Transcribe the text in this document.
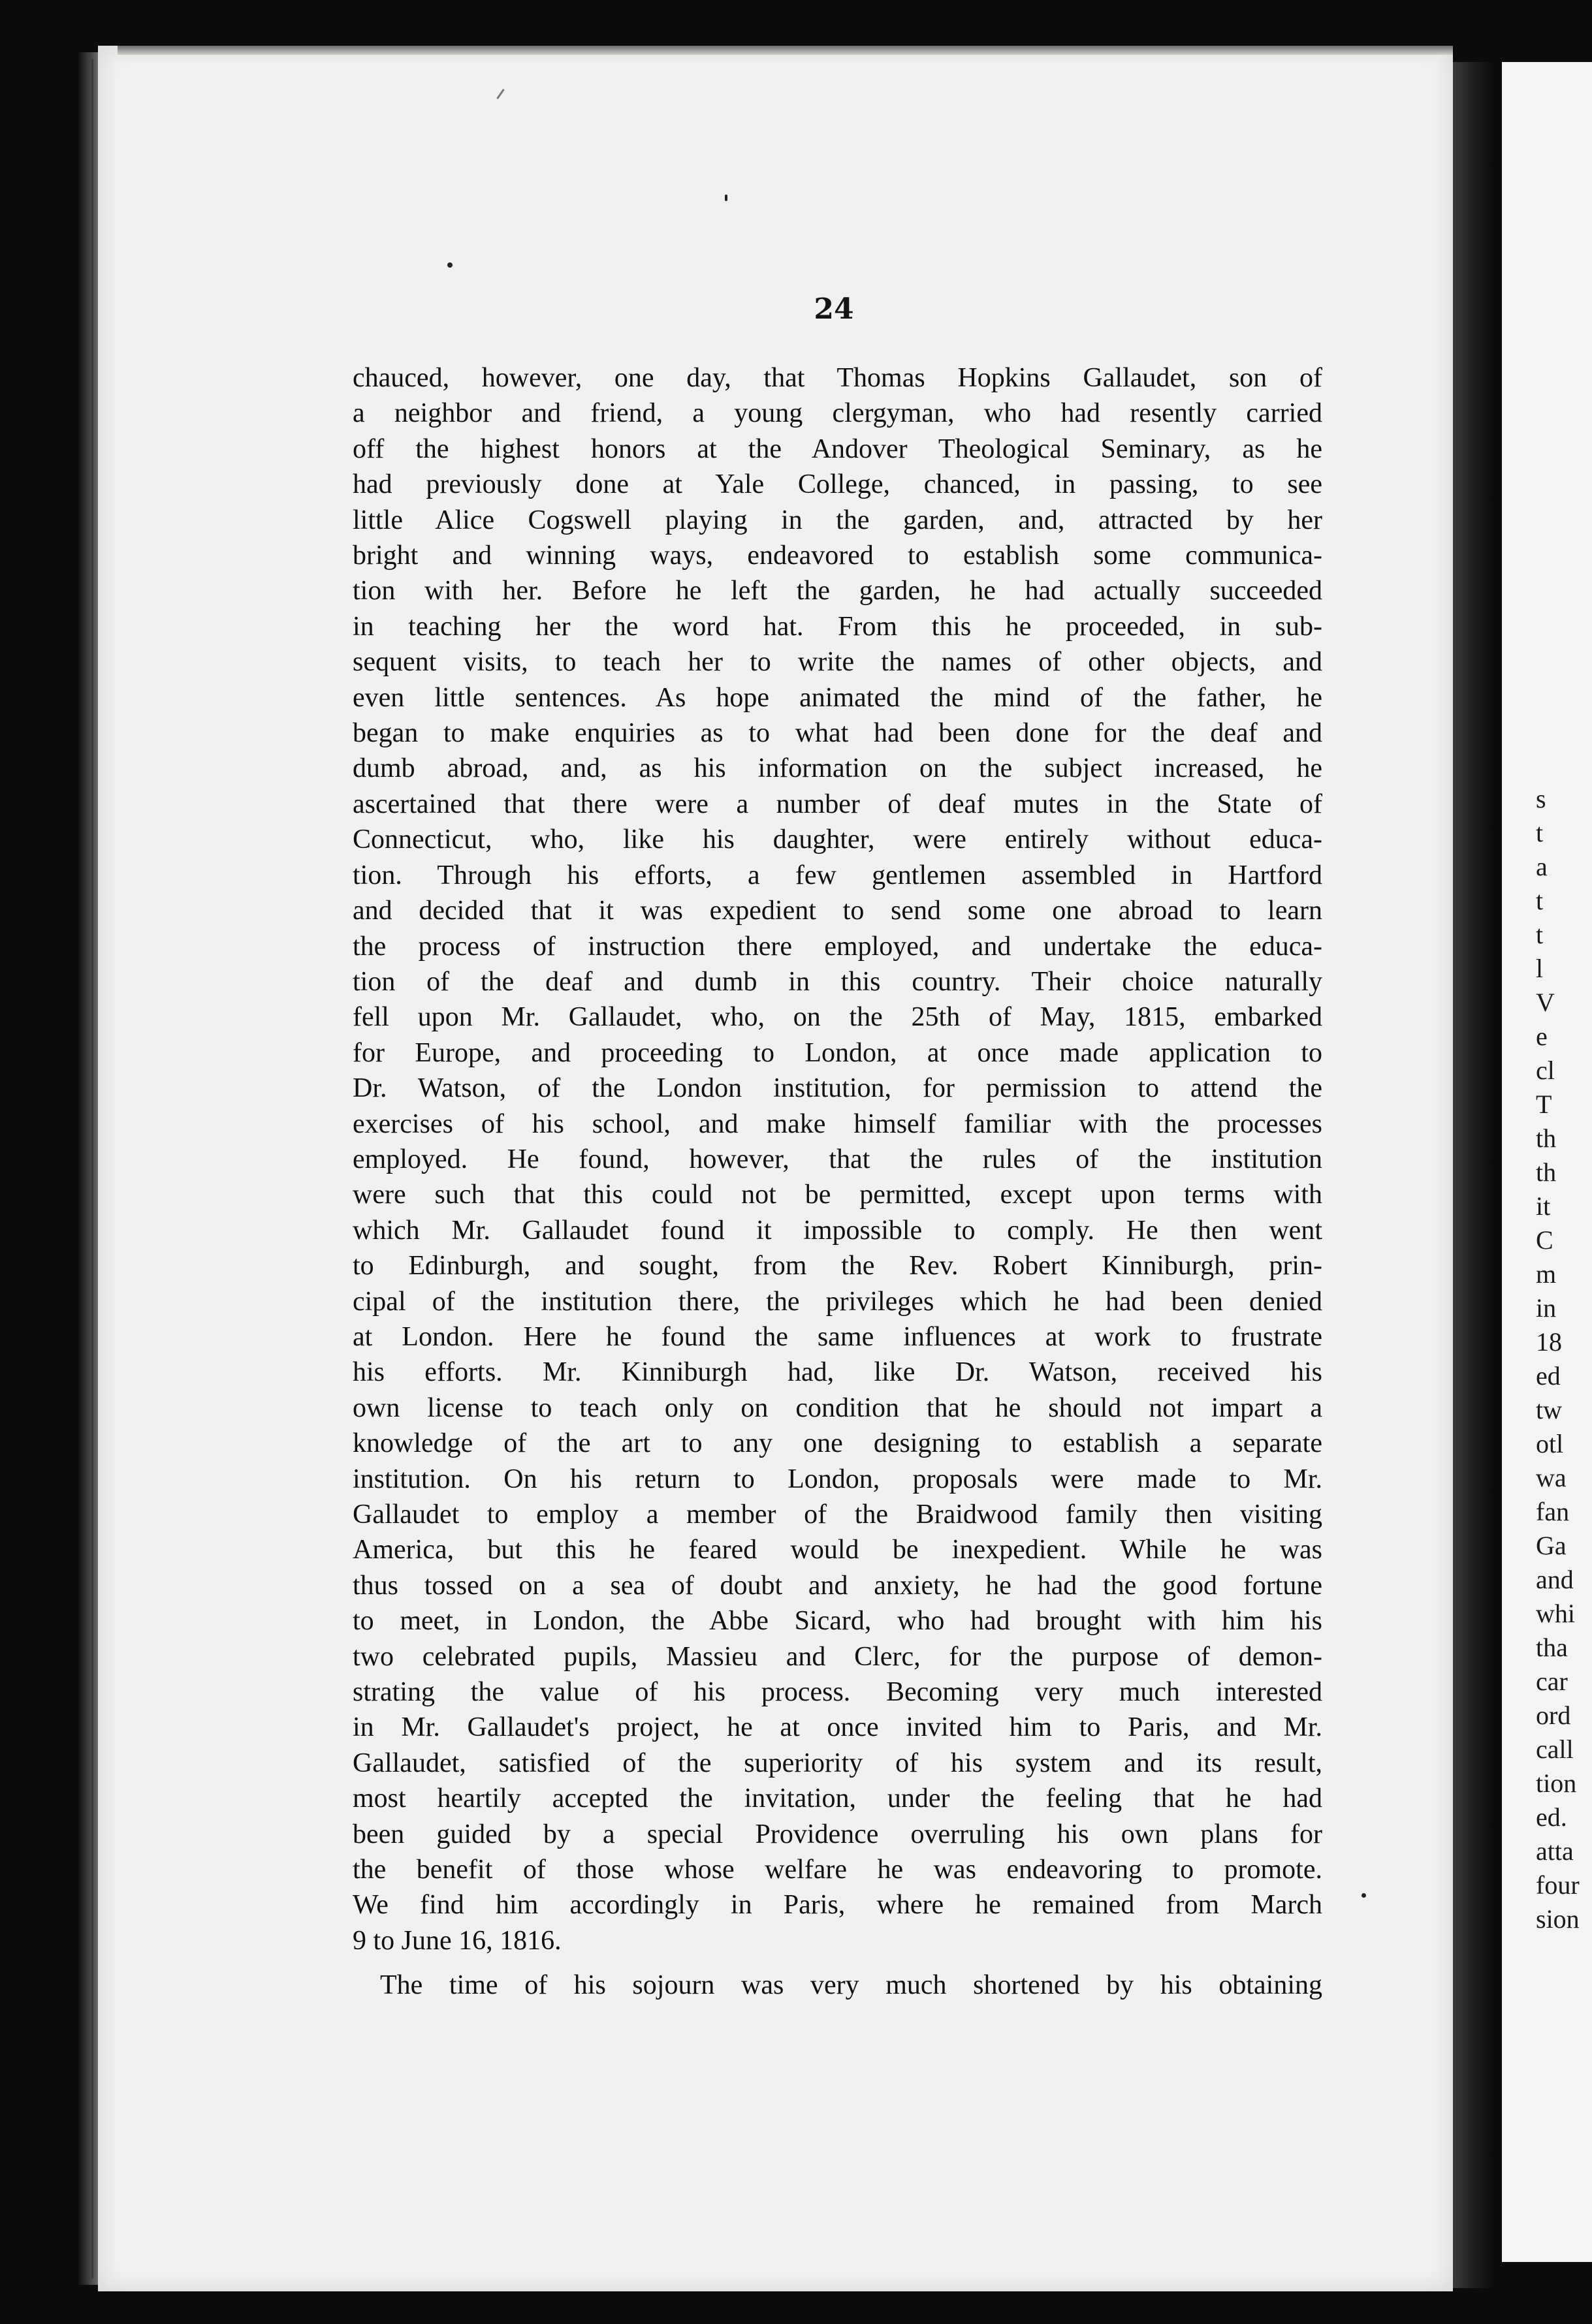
24
chauced, however, one day, that Thomas Hopkins Gallaudet, son of
a neighbor and friend, a young clergyman, who had resently carried
off the highest honors at the Andover Theological Seminary, as he
had previously done at Yale College, chanced, in passing, to see
little Alice Cogswell playing in the garden, and, attracted by her
bright and winning ways, endeavored to establish some communica-
tion with her. Before he left the garden, he had actually succeeded
in teaching her the word hat. From this he proceeded, in sub-
sequent visits, to teach her to write the names of other objects, and
even little sentences. As hope animated the mind of the father, he
began to make enquiries as to what had been done for the deaf and
dumb abroad, and, as his information on the subject increased, he
ascertained that there were a number of deaf mutes in the State of
Connecticut, who, like his daughter, were entirely without educa-
tion. Through his efforts, a few gentlemen assembled in Hartford
and decided that it was expedient to send some one abroad to learn
the process of instruction there employed, and undertake the educa-
tion of the deaf and dumb in this country. Their choice naturally
fell upon Mr. Gallaudet, who, on the 25th of May, 1815, embarked
for Europe, and proceeding to London, at once made application to
Dr. Watson, of the London institution, for permission to attend the
exercises of his school, and make himself familiar with the processes
employed. He found, however, that the rules of the institution
were such that this could not be permitted, except upon terms with
which Mr. Gallaudet found it impossible to comply. He then went
to Edinburgh, and sought, from the Rev. Robert Kinniburgh, prin-
cipal of the institution there, the privileges which he had been denied
at London. Here he found the same influences at work to frustrate
his efforts. Mr. Kinniburgh had, like Dr. Watson, received his
own license to teach only on condition that he should not impart a
knowledge of the art to any one designing to establish a separate
institution. On his return to London, proposals were made to Mr.
Gallaudet to employ a member of the Braidwood family then visiting
America, but this he feared would be inexpedient. While he was
thus tossed on a sea of doubt and anxiety, he had the good fortune
to meet, in London, the Abbe Sicard, who had brought with him his
two celebrated pupils, Massieu and Clerc, for the purpose of demon-
strating the value of his process. Becoming very much interested
in Mr. Gallaudet's project, he at once invited him to Paris, and Mr.
Gallaudet, satisfied of the superiority of his system and its result,
most heartily accepted the invitation, under the feeling that he had
been guided by a special Providence overruling his own plans for
the benefit of those whose welfare he was endeavoring to promote.
We find him accordingly in Paris, where he remained from March
9 to June 16, 1816.
The time of his sojourn was very much shortened by his obtaining
s
t
a
t
t
l
V
e
cl
T
th
th
it
C
m
in
18
ed
tw
otl
wa
fan
Ga
and
whi
tha
car
ord
call
tion
ed.
atta
four
sion
